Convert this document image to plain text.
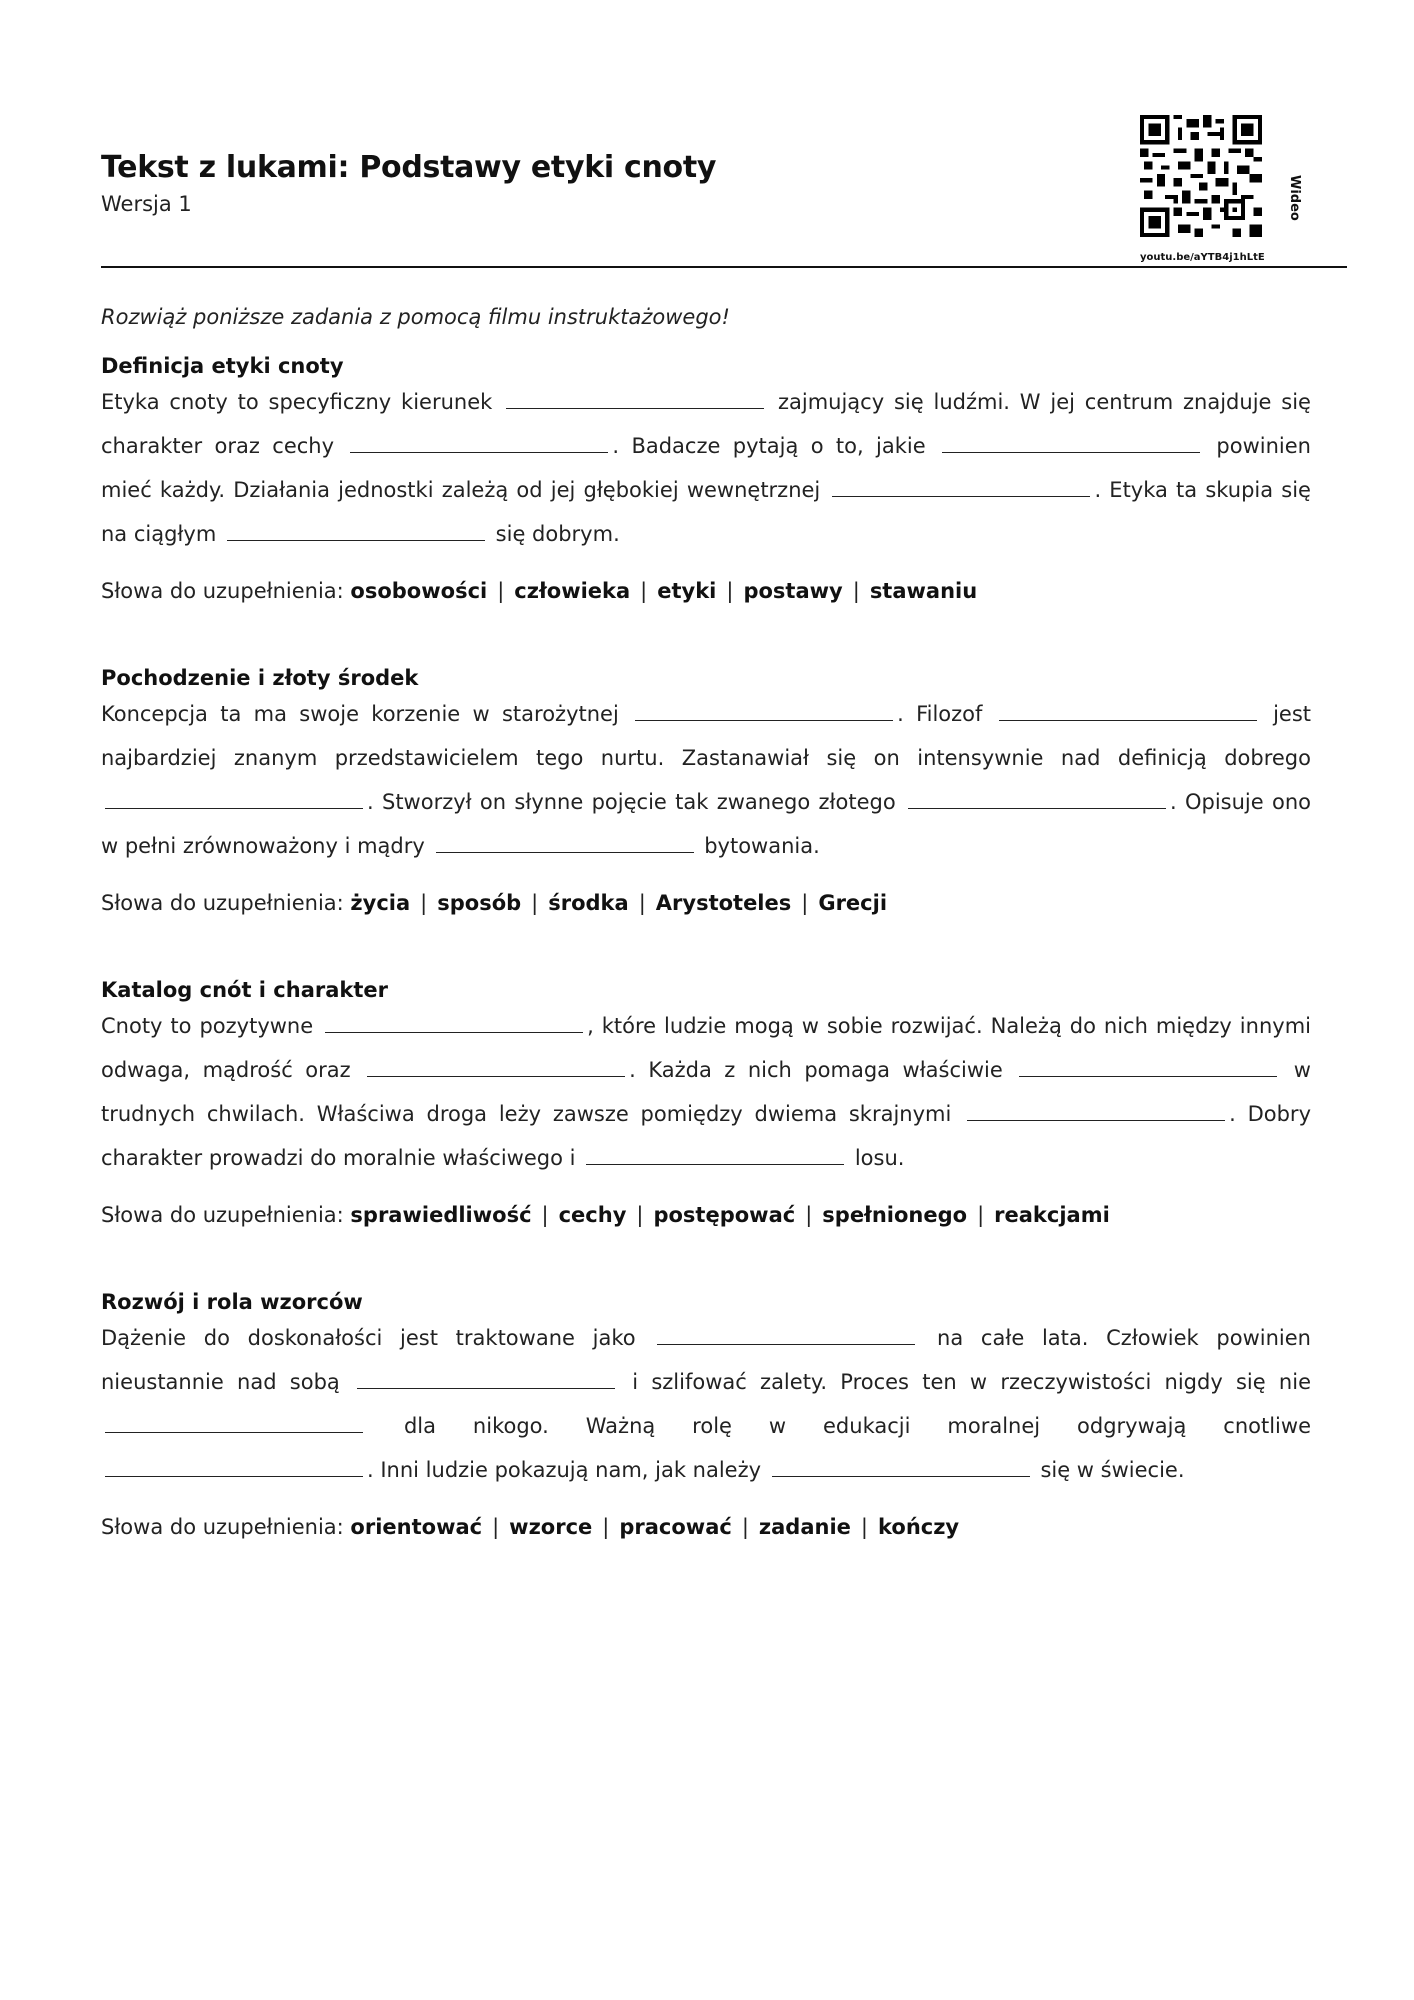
Tekst z lukami: Podstawy etyki cnoty
Wersja 1
youtu.be/aYTB4j1hLtE
Wideo

Rozwiąż poniższe zadania z pomocą filmu instruktażowego!

Definicja etyki cnoty

Etyka cnoty to specyficzny kierunek	zajmujący się ludźmi. W jej centrum znajduje się charakter oraz cechy	. Badacze pytają o to, jakie	powinien mieć każdy. Działania jednostki zależą od jej głębokiej wewnętrznej	. Etyka ta skupia się na ciągłym	się dobrym.

Słowa do uzupełnienia: osobowości | człowieka | etyki | postawy | stawaniu

Pochodzenie i złoty środek

Koncepcja ta ma swoje korzenie w starożytnej	. Filozof	jest najbardziej znanym przedstawicielem tego nurtu. Zastanawiał się on intensywnie nad definicją dobrego . Stworzył on słynne pojęcie tak zwanego złotego	. Opisuje ono w pełni zrównoważony i mądry	bytowania.

Słowa do uzupełnienia: życia | sposób | środka | Arystoteles | Grecji

Katalog cnót i charakter

Cnoty to pozytywne	, które ludzie mogą w sobie rozwijać. Należą do nich między innymi odwaga, mądrość oraz	. Każda z nich pomaga właściwie	w trudnych chwilach. Właściwa droga leży zawsze pomiędzy dwiema skrajnymi	. Dobry charakter prowadzi do moralnie właściwego i	losu.

Słowa do uzupełnienia: sprawiedliwość | cechy | postępować | spełnionego | reakcjami

Rozwój i rola wzorców

Dążenie do doskonałości jest traktowane jako	na całe lata. Człowiek powinien nieustannie nad sobą	i szlifować zalety. Proces ten w rzeczywistości nigdy się nie  dla nikogo. Ważną rolę w edukacji moralnej odgrywają cnotliwe . Inni ludzie pokazują nam, jak należy	się w świecie.

Słowa do uzupełnienia: orientować | wzorce | pracować | zadanie | kończy
